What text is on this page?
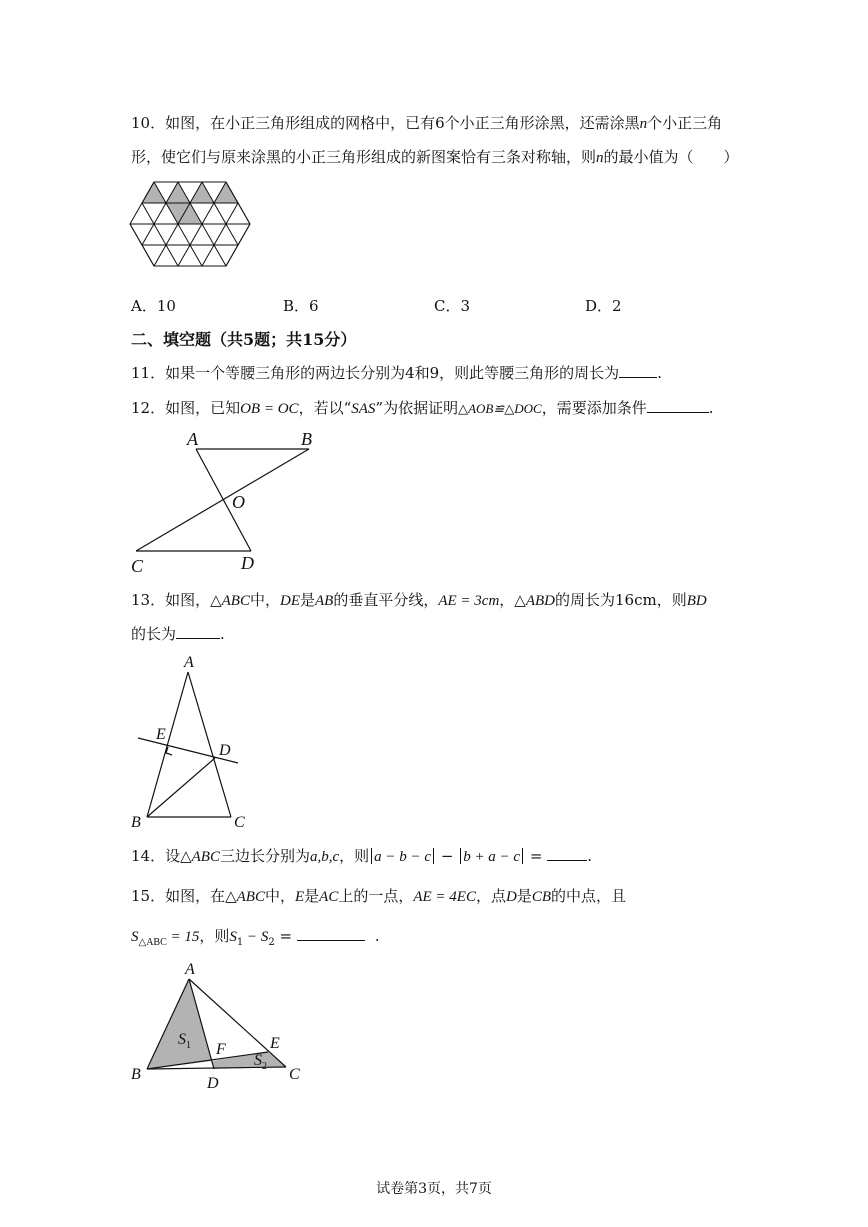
10．如图，在小正三角形组成的网格中，已有6个小正三角形涂黑，还需涂黑n个小正三角
形，使它们与原来涂黑的小正三角形组成的新图案恰有三条对称轴，则n的最小值为（　　）
A．10	B．6	C．3	D．2
二、填空题（共5题；共15分）
11．如果一个等腰三角形的两边长分别为4和9，则此等腰三角形的周长为	.
12．如图，已知OB = OC，若以“SAS”为依据证明△AOB≌△DOC，需要添加条件	.
A	B
O
C	D
13．如图，△ABC中，DE是AB的垂直平分线，AE = 3cm，△ABD的周长为16cm，则BD
的长为	.
A
E
D
B	C
14．设△ABC三边长分别为a,b,c，则 a − b − c − b + a − c =	.
15．如图，在△ABC中，E是AC上的一点，AE = 4EC，点D是CB的中点，且
$S_{\triangle ABC} = 15$，则$S_1 - S_2$ =	.
A
$S_1$ F	E
$S_2$
B
D
C
试卷第3页，共7页
